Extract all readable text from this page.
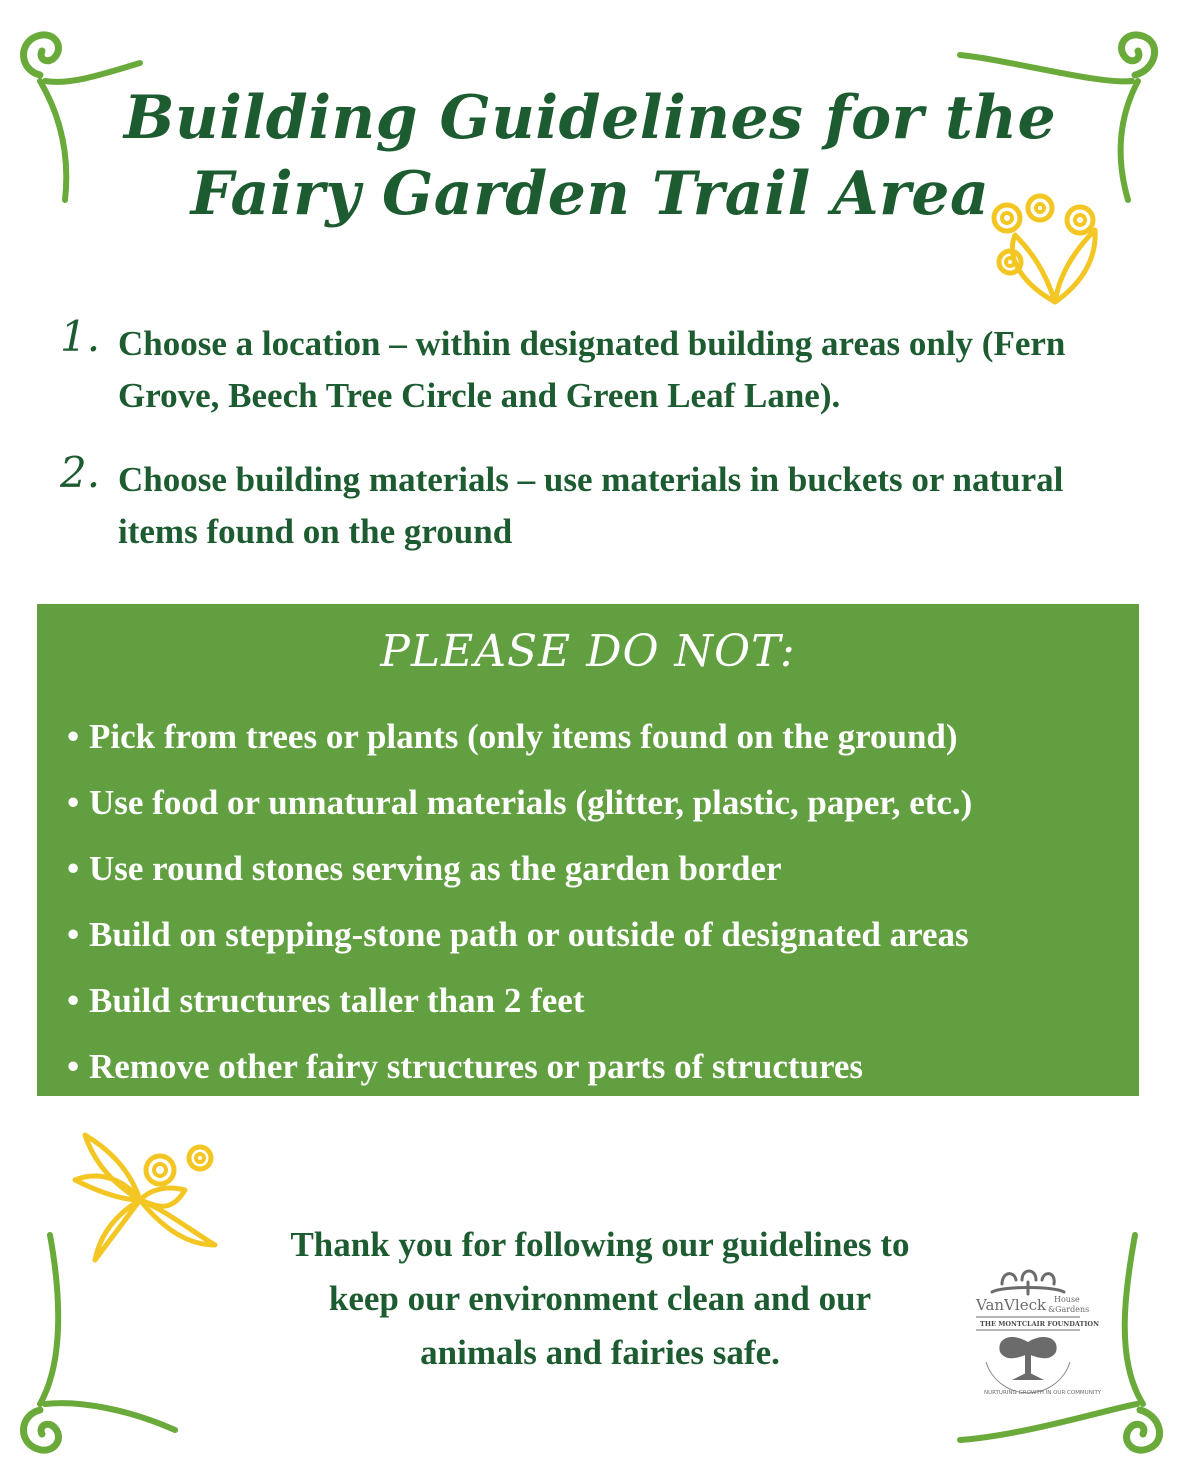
Building Guidelines for the
Fairy Garden Trail Area
1. Choose a location – within designated building areas only (Fern Grove, Beech Tree Circle and Green Leaf Lane).
2. Choose building materials – use materials in buckets or natural items found on the ground
PLEASE DO NOT:
• Pick from trees or plants (only items found on the ground)
• Use food or unnatural materials (glitter, plastic, paper, etc.)
• Use round stones serving as the garden border
• Build on stepping-stone path or outside of designated areas
• Build structures taller than 2 feet
• Remove other fairy structures or parts of structures
Thank you for following our guidelines to
keep our environment clean and our
animals and fairies safe.
VanVleck House
&Gardens
THE MONTCLAIR FOUNDATION
NURTURING GROWTH IN OUR COMMUNITY
